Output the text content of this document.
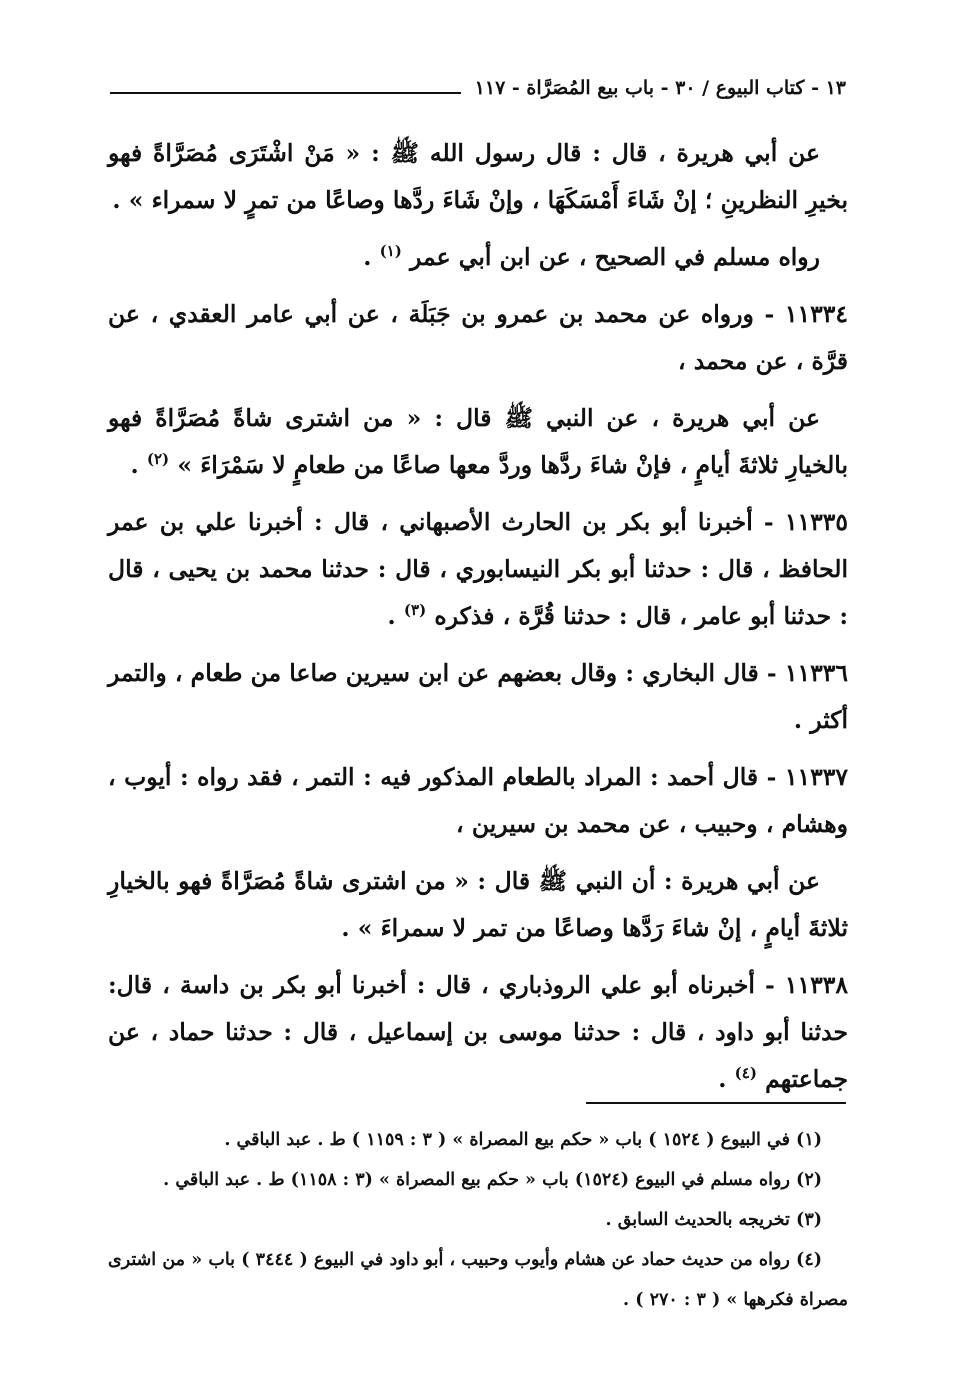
١٣ - كتاب البيوع / ٣٠ - باب بيع المُصَرَّاة - ١١٧

عن أبي هريرة ، قال : قال رسول الله ﷺ : « مَنْ اشْتَرَى مُصَرَّاةً فهو بخيرِ النظرينِ ؛ إنْ شَاءَ أَمْسَكَهَا ، وإنْ شَاءَ ردَّها وصاعًا من تمرٍ لا سمراء » .

رواه مسلم في الصحيح ، عن ابن أبي عمر $^{(١)}$ .

١١٣٣٤ - ورواه عن محمد بن عمرو بن جَبَلَة ، عن أبي عامر العقدي ، عن قرَّة ، عن محمد ،

عن أبي هريرة ، عن النبي ﷺ قال : « من اشترى شاةً مُصَرَّاةً فهو بالخيارِ ثلاثةَ أيامٍ ، فإنْ شاءَ ردَّها وردَّ معها صاعًا من طعامٍ لا سَمْرَاءَ » $^{(٢)}$ .

١١٣٣٥ - أخبرنا أبو بكر بن الحارث الأصبهاني ، قال : أخبرنا علي بن عمر الحافظ ، قال : حدثنا أبو بكر النيسابوري ، قال : حدثنا محمد بن يحيى ، قال : حدثنا أبو عامر ، قال : حدثنا قُرَّة ، فذكره $^{(٣)}$ .

١١٣٣٦ - قال البخاري : وقال بعضهم عن ابن سيرين صاعا من طعام ، والتمر أكثر .

١١٣٣٧ - قال أحمد : المراد بالطعام المذكور فيه : التمر ، فقد رواه : أيوب ، وهشام ، وحبيب ، عن محمد بن سيرين ،

عن أبي هريرة : أن النبي ﷺ قال : « من اشترى شاةً مُصَرَّاةً فهو بالخيارِ ثلاثةَ أيامٍ ، إنْ شاءَ رَدَّها وصاعًا من تمر لا سمراءَ » .

١١٣٣٨ - أخبرناه أبو علي الروذباري ، قال : أخبرنا أبو بكر بن داسة ، قال: حدثنا أبو داود ، قال : حدثنا موسى بن إسماعيل ، قال : حدثنا حماد ، عن جماعتهم $^{(٤)}$ .

(١) في البيوع ( ١٥٢٤ ) باب « حكم بيع المصراة » ( ٣ : ١١٥٩ ) ط . عبد الباقي .

(٢) رواه مسلم في البيوع (١٥٢٤) باب « حكم بيع المصراة » (٣ : ١١٥٨) ط . عبد الباقي .

(٣) تخريجه بالحديث السابق .

(٤) رواه من حديث حماد عن هشام وأيوب وحبيب ، أبو داود في البيوع ( ٣٤٤٤ ) باب « من اشترى مصراة فكرهها » ( ٣ : ٢٧٠ ) .
